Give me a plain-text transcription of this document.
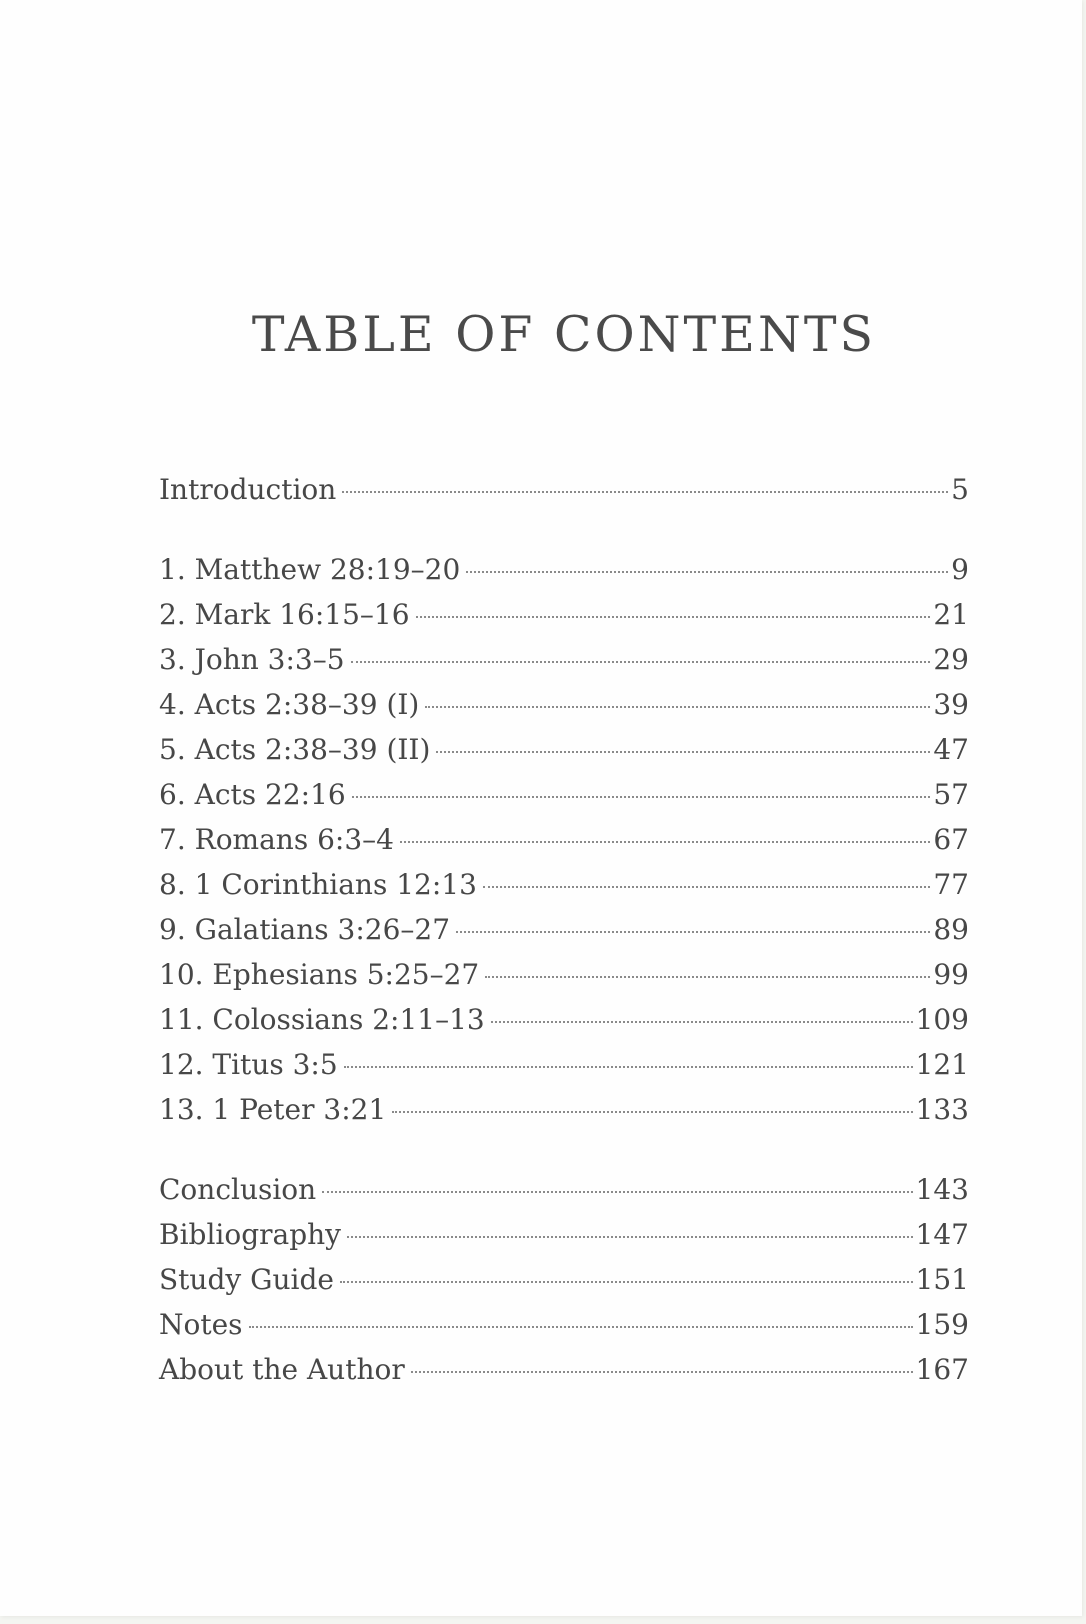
TABLE OF CONTENTS
Introduction	5
1. Matthew 28:19–20	9
2. Mark 16:15–16	21
3. John 3:3–5	29
4. Acts 2:38–39 (I)	39
5. Acts 2:38–39 (II)	47
6. Acts 22:16	57
7. Romans 6:3–4	67
8. 1 Corinthians 12:13	77
9. Galatians 3:26–27	89
10. Ephesians 5:25–27	99
11. Colossians 2:11–13	109
12. Titus 3:5	121
13. 1 Peter 3:21	133
Conclusion	143
Bibliography	147
Study Guide	151
Notes	159
About the Author	167
